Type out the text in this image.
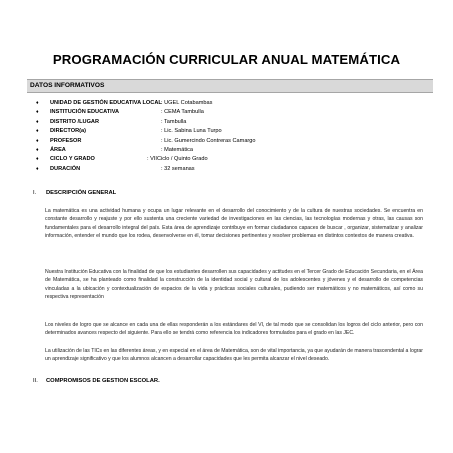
PROGRAMACIÓN CURRICULAR ANUAL MATEMÁTICA
DATOS INFORMATIVOS
♦ UNIDAD DE GESTIÓN EDUCATIVA LOCAL : UGEL Cotabambas
♦ INSTITUCIÓN EDUCATIVA	: CEMA Tambulla
♦ DISTRITO /LUGAR	: Tambulla
♦ DIRECTOR(a)	: Lic. Sabina Luna Turpo
♦ PROFESOR	: Lic. Gumercindo Contreras Camargo
♦ ÁREA	: Matemática
♦ CICLO Y GRADO	: VIICiclo / Quinto Grado
♦ DURACIÓN	: 32 semanas
I. DESCRIPCIÓN GENERAL
La matemática es una actividad humana y ocupa un lugar relevante en el desarrollo del conocimiento y de la cultura de nuestras sociedades. Se encuentra en constante desarrollo y reajuste y por ello sustenta una creciente variedad de investigaciones en las ciencias, las tecnologías modernas y otras, las causas son fundamentales para el desarrollo integral del país. Esta área de aprendizaje contribuye en formar ciudadanos capaces de buscar , organizar, sistematizar y analizar información, entender el mundo que los rodea, desenvolverse en él, tomar decisiones pertinentes y resolver problemas en distintos contextos de manera creativa.
Nuestra Institución Educativa con la finalidad de que los estudiantes desarrollen sus capacidades y actitudes en el Tercer Grado de Educación Secundaria, en el Área de Matemática, se ha planteado como finalidad la construcción de la identidad social y cultural de los adolescentes y jóvenes y el desarrollo de competencias vinculadas a la ubicación y contextualización de espacios de la vida y prácticas sociales culturales, pudiendo ser matemáticos y no matemáticos, así como su respectiva representación
Los niveles de logro que se alcance en cada una de ellas responderán a los estándares del VI, de tal modo que se consolidan los logros del ciclo anterior, pero con determinados avances respecto del siguiente. Para ello se tendrá como referencia los indicadores formulados para el grado en las JEC.
La utilización de las TICs en las diferentes áreas, y en especial en el área de Matemática, son de vital importancia, ya que ayudarán de manera trascendental a lograr un aprendizaje significativo y que los alumnos alcancen a desarrollar capacidades que les permita alcanzar el nivel deseado.
II. COMPROMISOS DE GESTION ESCOLAR.
